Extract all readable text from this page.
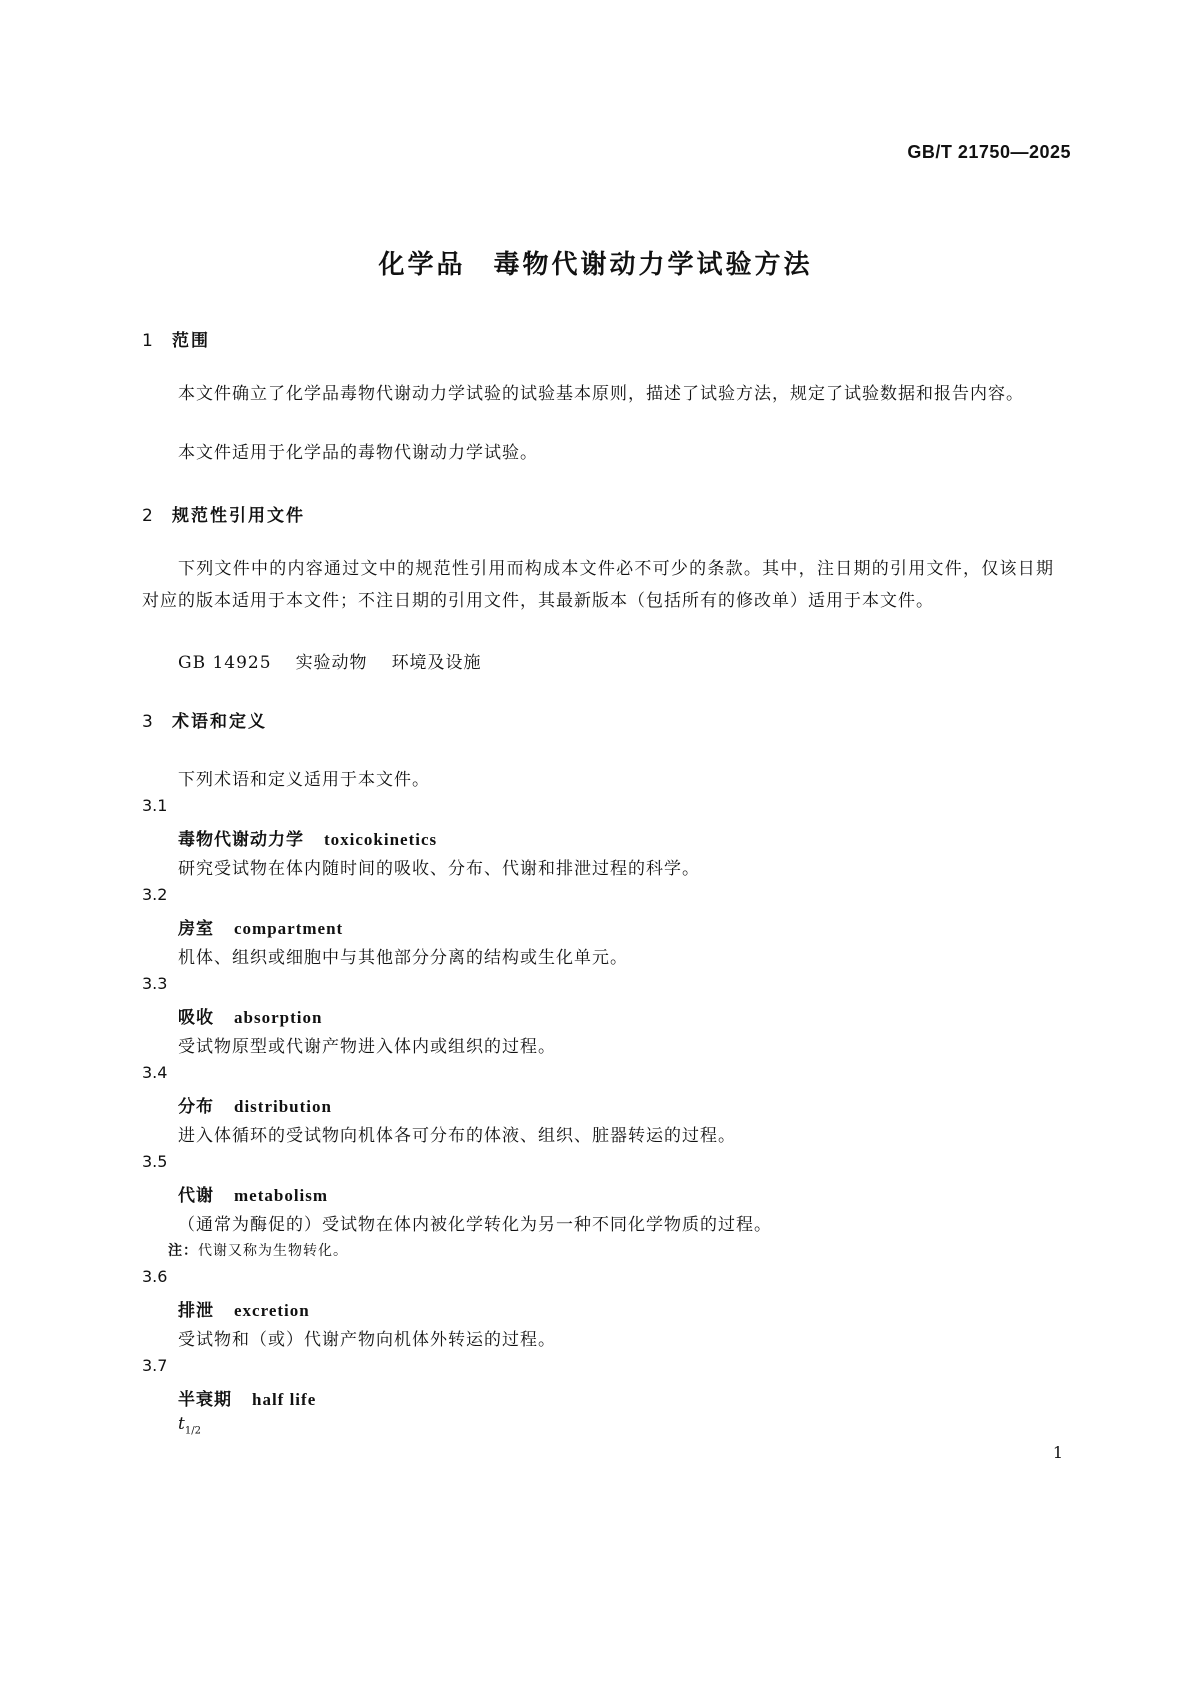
GB/T 21750—2025
化学品 毒物代谢动力学试验方法
1 范围
本文件确立了化学品毒物代谢动力学试验的试验基本原则，描述了试验方法，规定了试验数据和报告内容。
本文件适用于化学品的毒物代谢动力学试验。
2 规范性引用文件
下列文件中的内容通过文中的规范性引用而构成本文件必不可少的条款。其中，注日期的引用文件，仅该日期对应的版本适用于本文件；不注日期的引用文件，其最新版本（包括所有的修改单）适用于本文件。
GB 14925 实验动物 环境及设施
3 术语和定义
下列术语和定义适用于本文件。
3.1
毒物代谢动力学 toxicokinetics
研究受试物在体内随时间的吸收、分布、代谢和排泄过程的科学。
3.2
房室 compartment
机体、组织或细胞中与其他部分分离的结构或生化单元。
3.3
吸收 absorption
受试物原型或代谢产物进入体内或组织的过程。
3.4
分布 distribution
进入体循环的受试物向机体各可分布的体液、组织、脏器转运的过程。
3.5
代谢 metabolism
（通常为酶促的）受试物在体内被化学转化为另一种不同化学物质的过程。
注：代谢又称为生物转化。
3.6
排泄 excretion
受试物和（或）代谢产物向机体外转运的过程。
3.7
半衰期 half life
$t_{1/2}$
1
